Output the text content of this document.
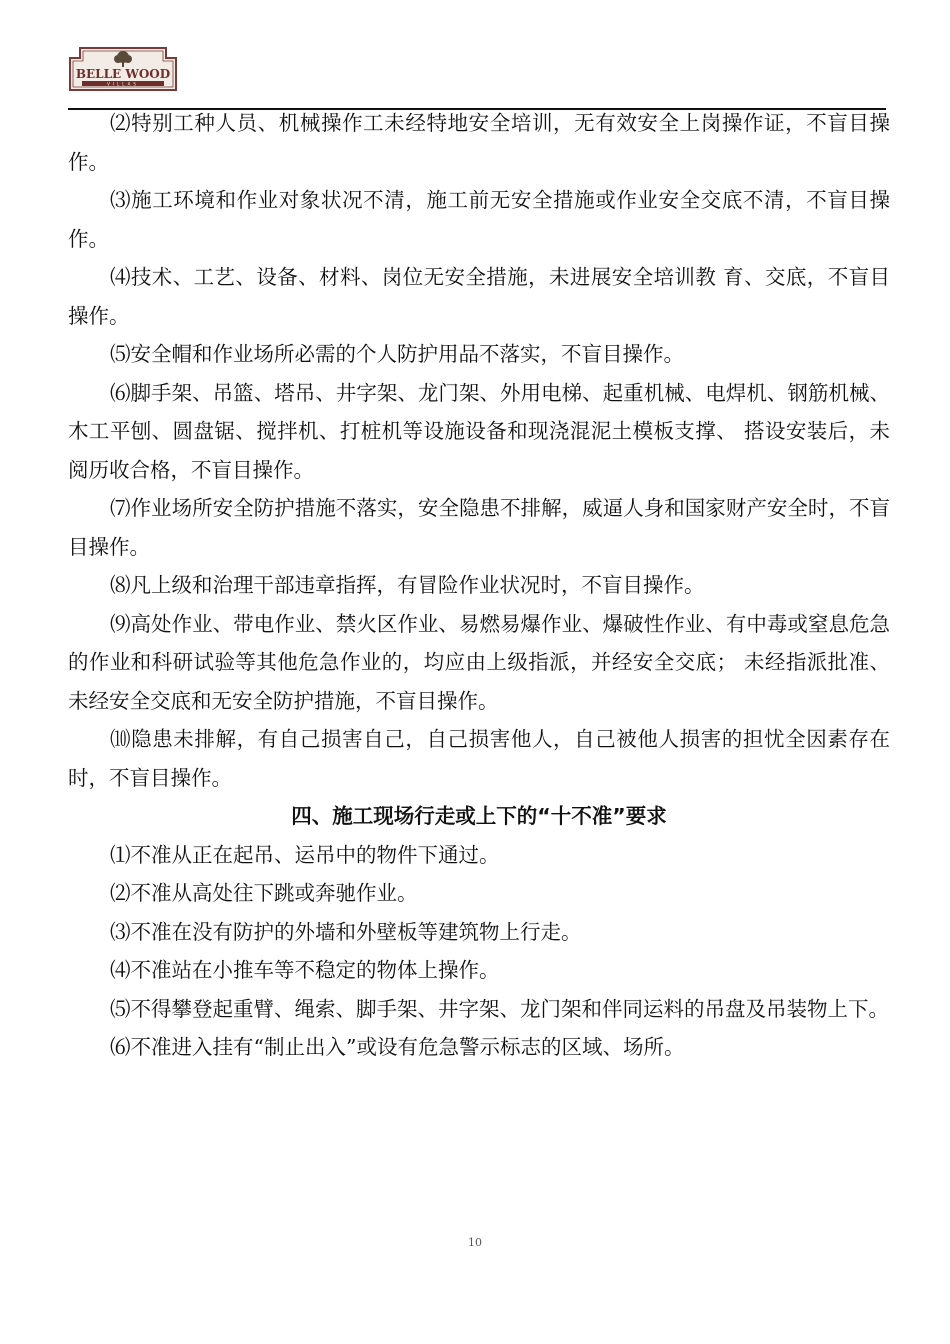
BELLE WOOD
VILLAS

⑵特别工种人员、机械操作工未经特地安全培训，无有效安全上岗操作证，不盲目操作。

⑶施工环境和作业对象状况不清，施工前无安全措施或作业安全交底不清，不盲目操作。

⑷技术、工艺、设备、材料、岗位无安全措施，未进展安全培训教 育、交底，不盲目操作。

⑸安全帽和作业场所必需的个人防护用品不落实，不盲目操作。

⑹脚手架、吊篮、塔吊、井字架、龙门架、外用电梯、起重机械、电焊机、钢筋机械、木工平刨、圆盘锯、搅拌机、打桩机等设施设备和现浇混泥土模板支撑、 搭设安装后，未阅历收合格，不盲目操作。

⑺作业场所安全防护措施不落实，安全隐患不排解，威逼人身和国家财产安全时，不盲目操作。

⑻凡上级和治理干部违章指挥，有冒险作业状况时，不盲目操作。

⑼高处作业、带电作业、禁火区作业、易燃易爆作业、爆破性作业、有中毒或窒息危急的作业和科研试验等其他危急作业的，均应由上级指派，并经安全交底； 未经指派批准、未经安全交底和无安全防护措施，不盲目操作。

⑽隐患未排解，有自己损害自己，自己损害他人，自己被他人损害的担忧全因素存在时，不盲目操作。

四、施工现场行走或上下的“十不准”要求

⑴不准从正在起吊、运吊中的物件下通过。

⑵不准从高处往下跳或奔驰作业。

⑶不准在没有防护的外墙和外壁板等建筑物上行走。

⑷不准站在小推车等不稳定的物体上操作。

⑸不得攀登起重臂、绳索、脚手架、井字架、龙门架和伴同运料的吊盘及吊装物上下。

⑹不准进入挂有“制止出入”或设有危急警示标志的区域、场所。

10
